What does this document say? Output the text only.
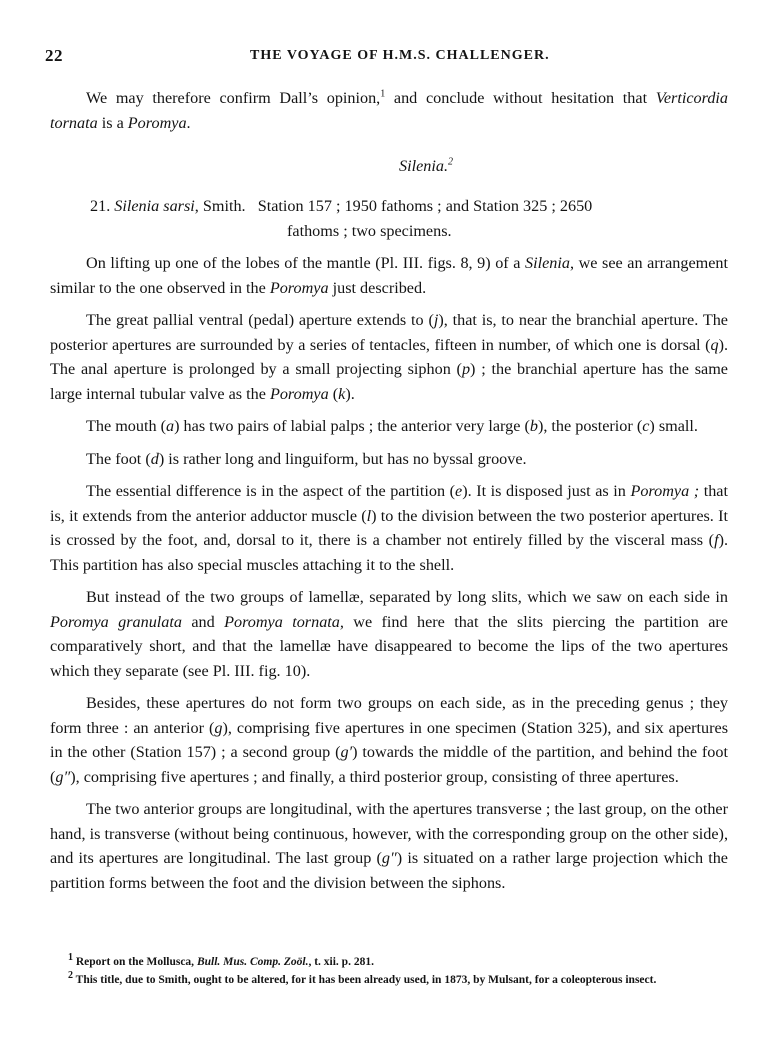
22	THE VOYAGE OF H.M.S. CHALLENGER.

We may therefore confirm Dall’s opinion,$^1$ and conclude without hesitation that Verticordia tornata is a Poromya.

Silenia.$^2$
21. Silenia sarsi, Smith. Station 157 ; 1950 fathoms ; and Station 325 ; 2650
fathoms ; two specimens.

On lifting up one of the lobes of the mantle (Pl. III. figs. 8, 9) of a Silenia, we see an arrangement similar to the one observed in the Poromya just described.

The great pallial ventral (pedal) aperture extends to (j), that is, to near the branchial aperture. The posterior apertures are surrounded by a series of tentacles, fifteen in number, of which one is dorsal (q). The anal aperture is prolonged by a small projecting siphon (p) ; the branchial aperture has the same large internal tubular valve as the Poromya (k).

The mouth (a) has two pairs of labial palps ; the anterior very large (b), the posterior (c) small.

The foot (d) is rather long and linguiform, but has no byssal groove.

The essential difference is in the aspect of the partition (e). It is disposed just as in Poromya ; that is, it extends from the anterior adductor muscle (l) to the division between the two posterior apertures. It is crossed by the foot, and, dorsal to it, there is a chamber not entirely filled by the visceral mass (f). This partition has also special muscles attaching it to the shell.

But instead of the two groups of lamellæ, separated by long slits, which we saw on each side in Poromya granulata and Poromya tornata, we find here that the slits piercing the partition are comparatively short, and that the lamellæ have disappeared to become the lips of the two apertures which they separate (see Pl. III. fig. 10).

Besides, these apertures do not form two groups on each side, as in the preceding genus ; they form three : an anterior (g), comprising five apertures in one specimen (Station 325), and six apertures in the other (Station 157) ; a second group (g′) towards the middle of the partition, and behind the foot (g″), comprising five apertures ; and finally, a third posterior group, consisting of three apertures.

The two anterior groups are longitudinal, with the apertures transverse ; the last group, on the other hand, is transverse (without being continuous, however, with the corresponding group on the other side), and its apertures are longitudinal. The last group (g″) is situated on a rather large projection which the partition forms between the foot and the division between the siphons.

$^1$ Report on the Mollusca, Bull. Mus. Comp. Zoöl., t. xii. p. 281.

$^2$ This title, due to Smith, ought to be altered, for it has been already used, in 1873, by Mulsant, for a coleopterous insect.
